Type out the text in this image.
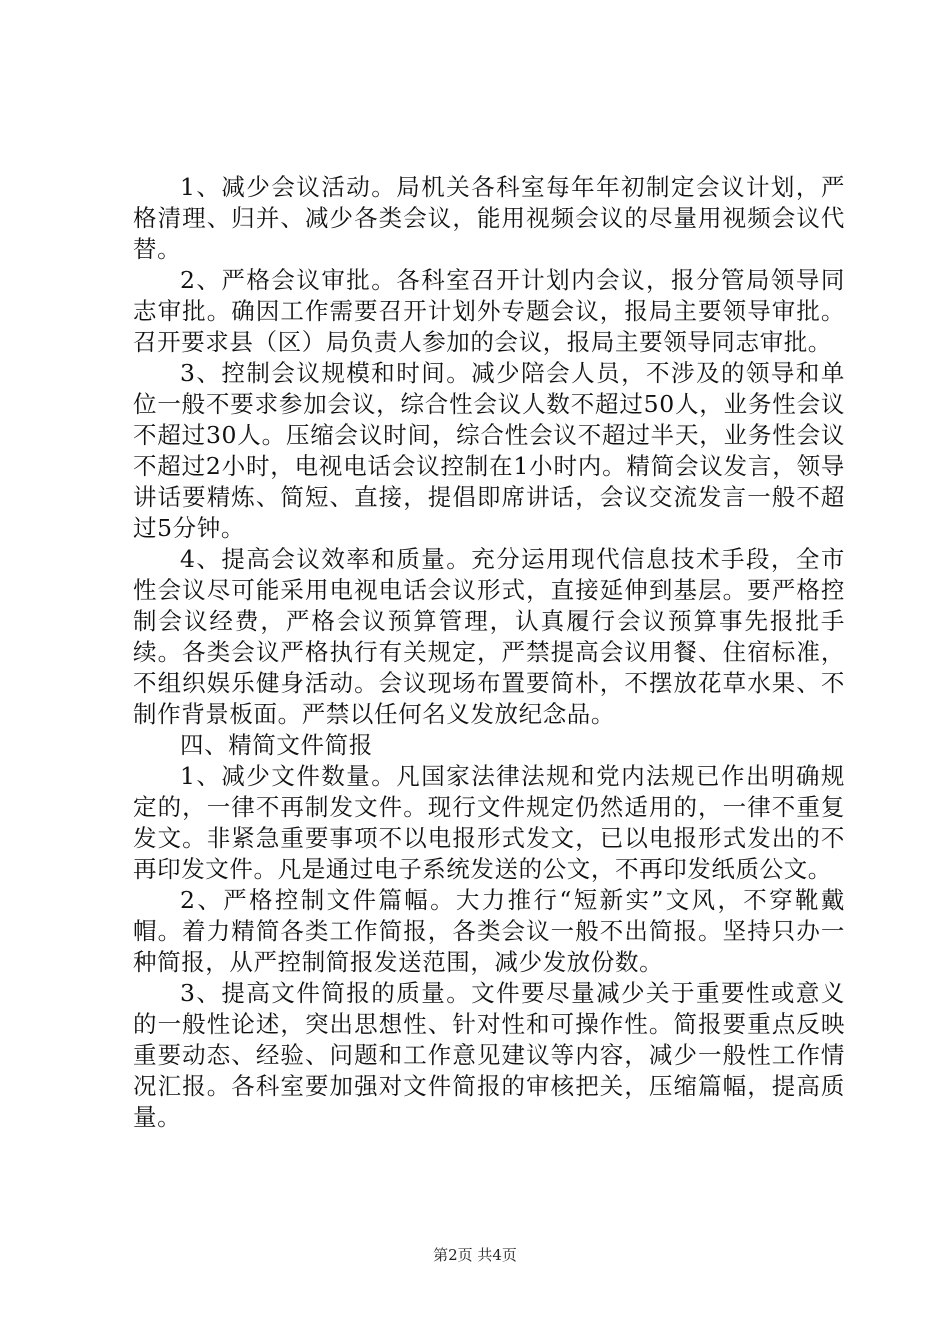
1、减少会议活动。局机关各科室每年年初制定会议计划，严格清理、归并、减少各类会议，能用视频会议的尽量用视频会议代替。

2、严格会议审批。各科室召开计划内会议，报分管局领导同志审批。确因工作需要召开计划外专题会议，报局主要领导审批。召开要求县（区）局负责人参加的会议，报局主要领导同志审批。

3、控制会议规模和时间。减少陪会人员，不涉及的领导和单位一般不要求参加会议，综合性会议人数不超过50人，业务性会议不超过30人。压缩会议时间，综合性会议不超过半天，业务性会议不超过2小时，电视电话会议控制在1小时内。精简会议发言，领导讲话要精炼、简短、直接，提倡即席讲话，会议交流发言一般不超过5分钟。

4、提高会议效率和质量。充分运用现代信息技术手段，全市性会议尽可能采用电视电话会议形式，直接延伸到基层。要严格控制会议经费，严格会议预算管理，认真履行会议预算事先报批手续。各类会议严格执行有关规定，严禁提高会议用餐、住宿标准，不组织娱乐健身活动。会议现场布置要简朴，不摆放花草水果、不制作背景板面。严禁以任何名义发放纪念品。

四、精简文件简报

1、减少文件数量。凡国家法律法规和党内法规已作出明确规定的，一律不再制发文件。现行文件规定仍然适用的，一律不重复发文。非紧急重要事项不以电报形式发文，已以电报形式发出的不再印发文件。凡是通过电子系统发送的公文，不再印发纸质公文。

2、严格控制文件篇幅。大力推行“短新实”文风，不穿靴戴帽。着力精简各类工作简报，各类会议一般不出简报。坚持只办一种简报，从严控制简报发送范围，减少发放份数。

3、提高文件简报的质量。文件要尽量减少关于重要性或意义的一般性论述，突出思想性、针对性和可操作性。简报要重点反映重要动态、经验、问题和工作意见建议等内容，减少一般性工作情况汇报。各科室要加强对文件简报的审核把关，压缩篇幅，提高质量。

第2页 共4页
